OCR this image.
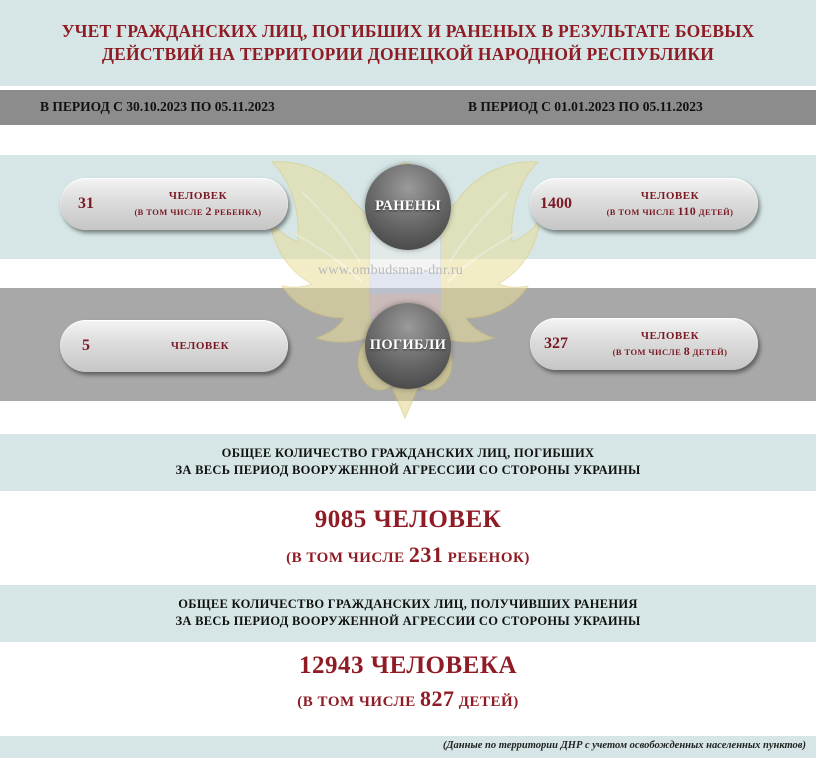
УЧЕТ ГРАЖДАНСКИХ ЛИЦ, ПОГИБШИХ И РАНЕНЫХ В РЕЗУЛЬТАТЕ БОЕВЫХ
ДЕЙСТВИЙ НА ТЕРРИТОРИИ ДОНЕЦКОЙ НАРОДНОЙ РЕСПУБЛИКИ
В ПЕРИОД С 30.10.2023 ПО 05.11.2023	В ПЕРИОД С 01.01.2023 ПО 05.11.2023
www.ombudsman-dnr.ru
31	ЧЕЛОВЕК
(В ТОМ ЧИСЛЕ 2 РЕБЕНКА)	РАНЕНЫ	1400	ЧЕЛОВЕК
(В ТОМ ЧИСЛЕ 110 ДЕТЕЙ)
5	ЧЕЛОВЕК	ПОГИБЛИ	327	ЧЕЛОВЕК
(В ТОМ ЧИСЛЕ 8 ДЕТЕЙ)
ОБЩЕЕ КОЛИЧЕСТВО ГРАЖДАНСКИХ ЛИЦ, ПОГИБШИХ
ЗА ВЕСЬ ПЕРИОД ВООРУЖЕННОЙ АГРЕССИИ СО СТОРОНЫ УКРАИНЫ
9085 ЧЕЛОВЕК
(В ТОМ ЧИСЛЕ 231 РЕБЕНОК)
ОБЩЕЕ КОЛИЧЕСТВО ГРАЖДАНСКИХ ЛИЦ, ПОЛУЧИВШИХ РАНЕНИЯ
ЗА ВЕСЬ ПЕРИОД ВООРУЖЕННОЙ АГРЕССИИ СО СТОРОНЫ УКРАИНЫ
12943 ЧЕЛОВЕКА
(В ТОМ ЧИСЛЕ 827 ДЕТЕЙ)
(Данные по территории ДНР с учетом освобожденных населенных пунктов)
